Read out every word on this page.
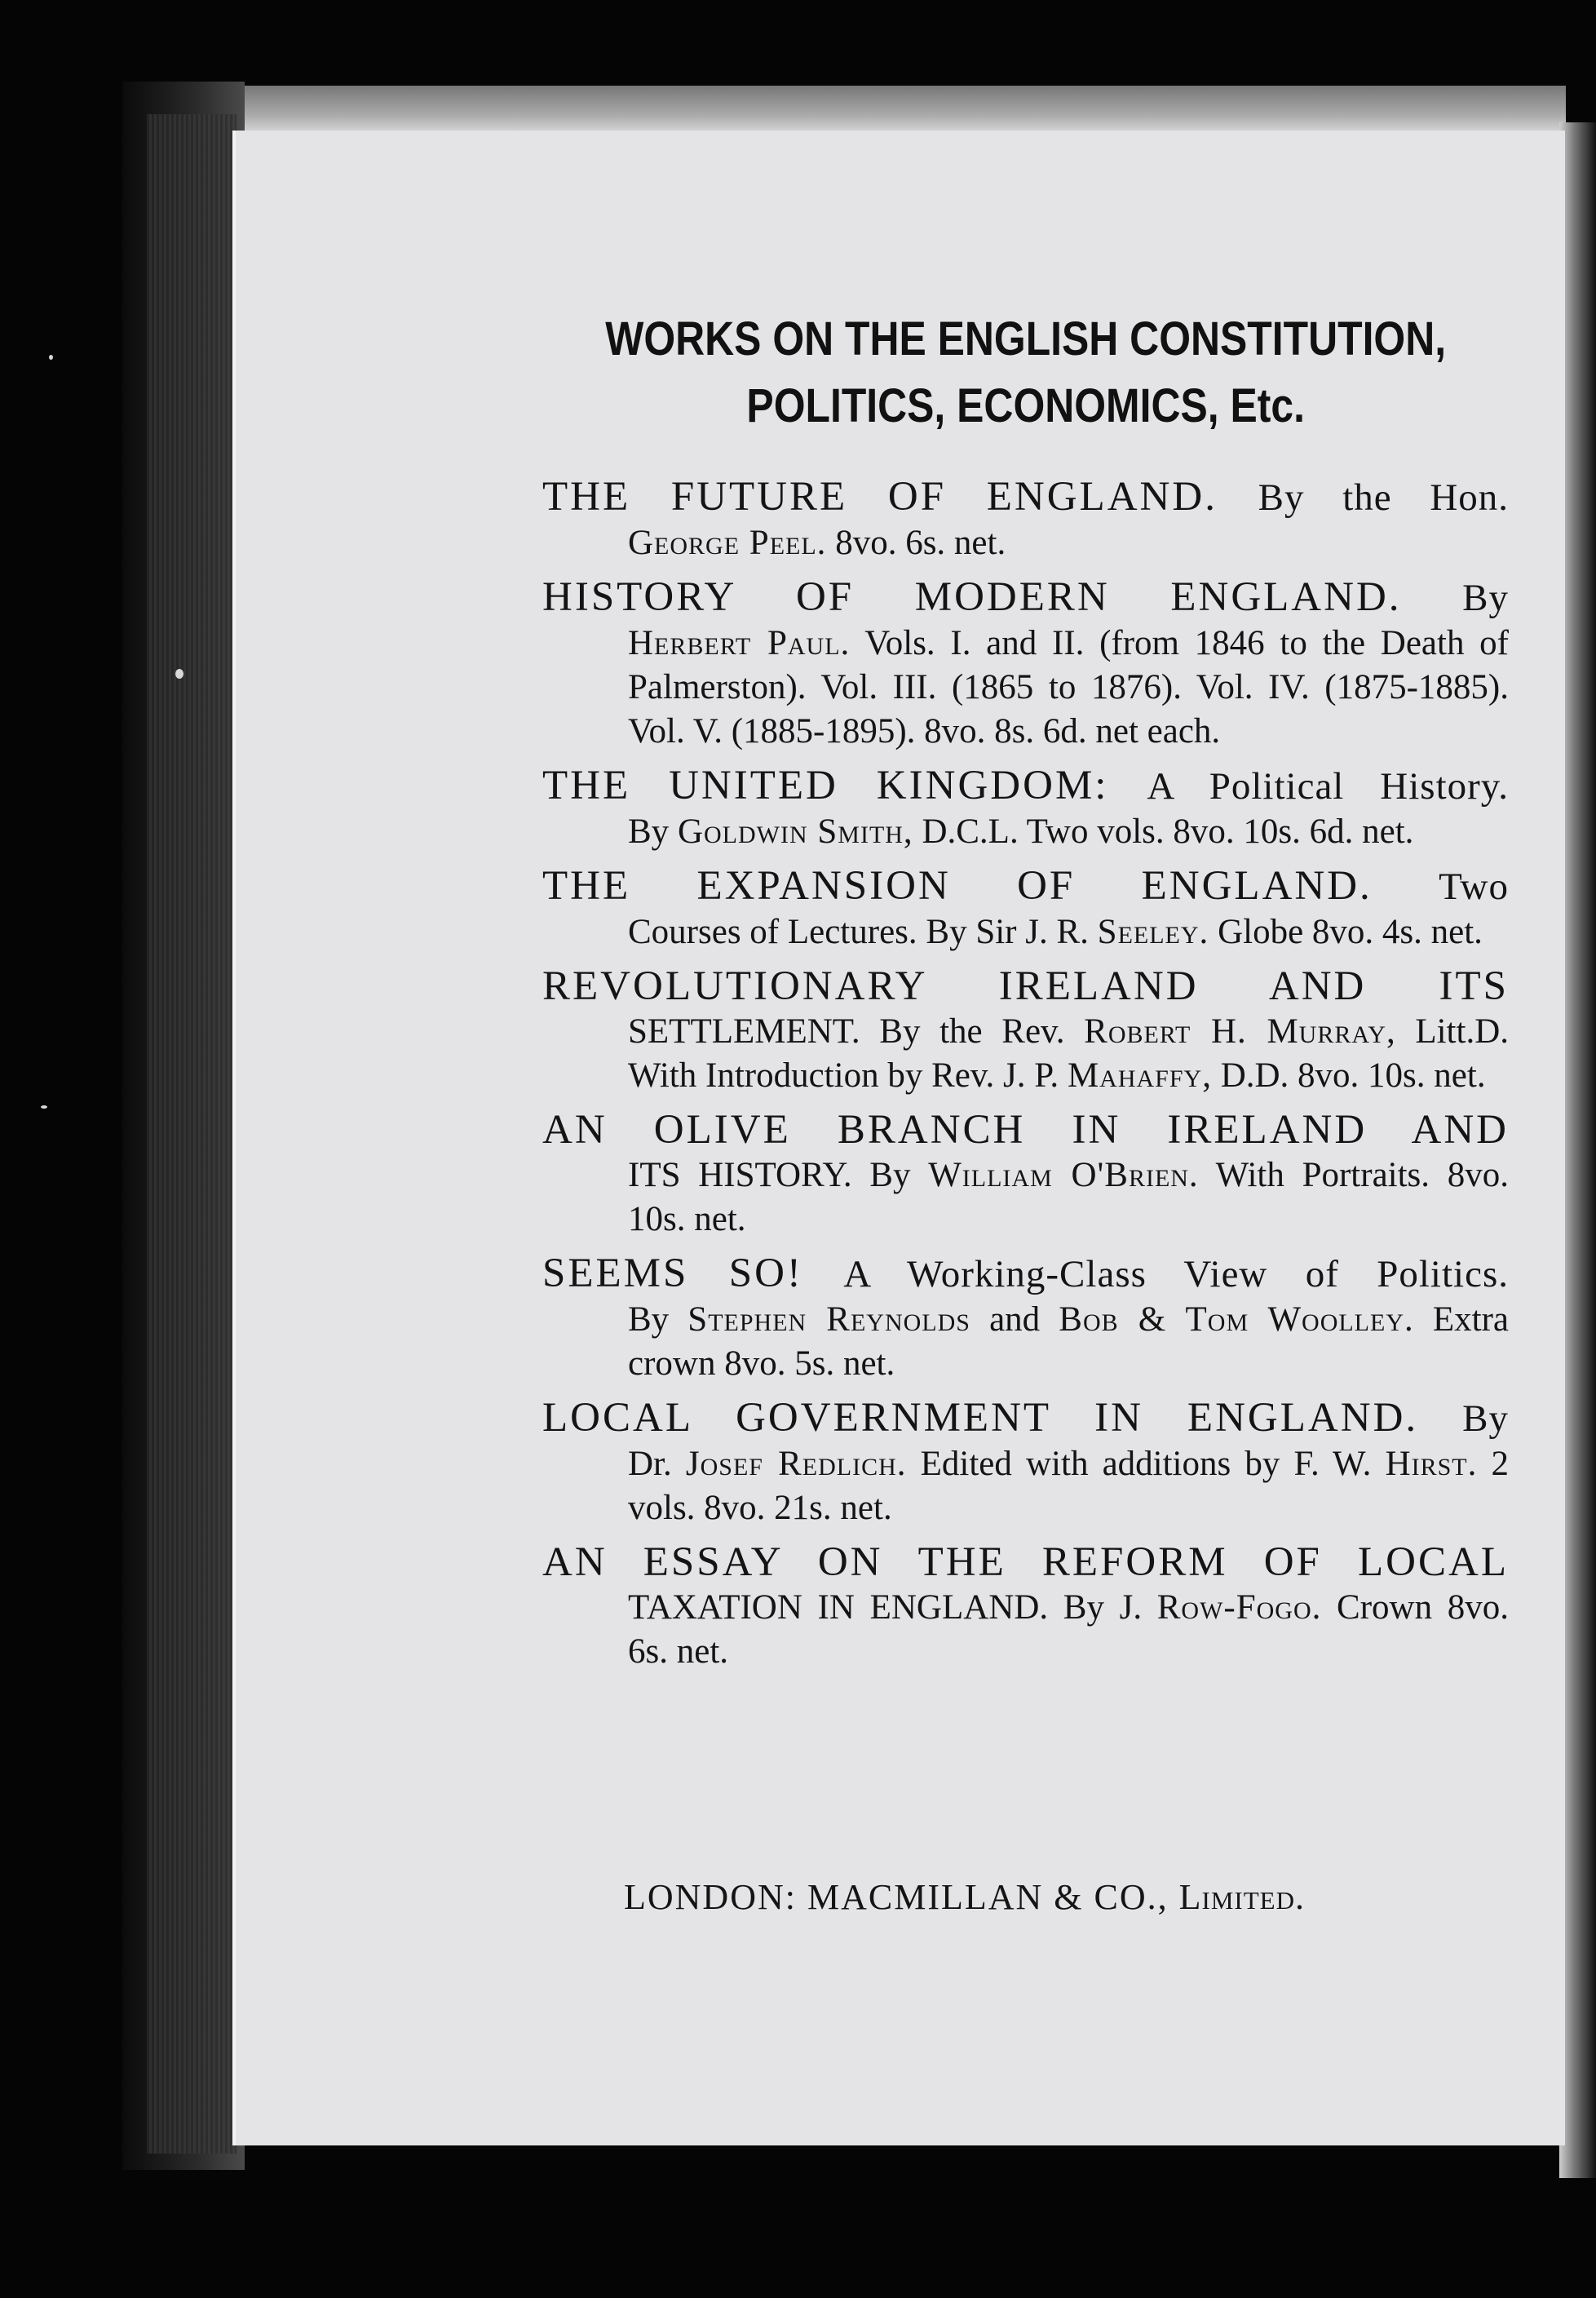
WORKS ON THE ENGLISH CONSTITUTION,
POLITICS, ECONOMICS, Etc.
THE FUTURE OF ENGLAND. By the Hon.
George Peel. 8vo. 6s. net.
HISTORY OF MODERN ENGLAND. By
Herbert Paul. Vols. I. and II. (from 1846 to the Death of Palmerston). Vol. III. (1865 to 1876). Vol. IV. (1875-1885). Vol. V. (1885-1895). 8vo. 8s. 6d. net each.
THE UNITED KINGDOM: A Political History.
By Goldwin Smith, D.C.L. Two vols. 8vo. 10s. 6d. net.
THE EXPANSION OF ENGLAND. Two
Courses of Lectures. By Sir J. R. Seeley. Globe 8vo. 4s. net.
REVOLUTIONARY IRELAND AND ITS
SETTLEMENT. By the Rev. Robert H. Murray, Litt.D. With Introduction by Rev. J. P. Mahaffy, D.D. 8vo. 10s. net.
AN OLIVE BRANCH IN IRELAND AND
ITS HISTORY. By William O'Brien. With Portraits. 8vo. 10s. net.
SEEMS SO! A Working-Class View of Politics.
By Stephen Reynolds and Bob & Tom Woolley. Extra crown 8vo. 5s. net.
LOCAL GOVERNMENT IN ENGLAND. By
Dr. Josef Redlich. Edited with additions by F. W. Hirst. 2 vols. 8vo. 21s. net.
AN ESSAY ON THE REFORM OF LOCAL
TAXATION IN ENGLAND. By J. Row-Fogo. Crown 8vo. 6s. net.
LONDON: MACMILLAN & CO., Limited.
